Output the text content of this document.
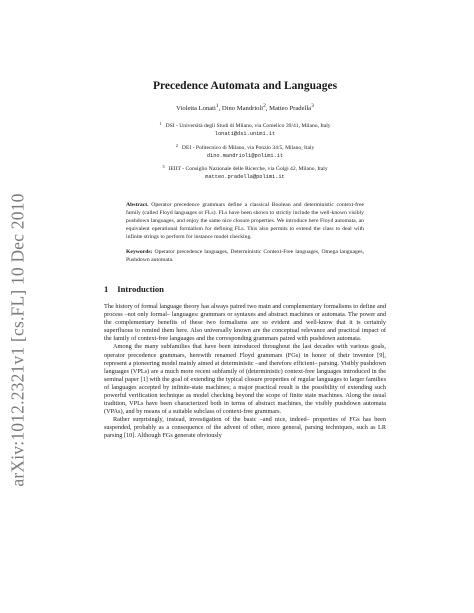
arXiv:1012.2321v1 [cs.FL] 10 Dec 2010
Precedence Automata and Languages
Violetta Lonati$^1$, Dino Mandrioli$^2$, Matteo Pradella$^3$
$^1$ DSI - Università degli Studi di Milano, via Comelico 39/41, Milano, Italy
lonati@dsi.unimi.it
$^2$ DEI - Politecnico di Milano, via Ponzio 34/5, Milano, Italy
dino.mandrioli@polimi.it
$^3$ IEIIT - Consiglio Nazionale delle Ricerche, via Golgi 42, Milano, Italy
matteo.pradella@polimi.it
Abstract. Operator precedence grammars define a classical Boolean and deterministic context-free family (called Floyd languages or FLs). FLs have been shown to strictly include the well-known visibly pushdown languages, and enjoy the same nice closure properties. We introduce here Floyd automata, an equivalent operational formalism for defining FLs. This also permits to extend the class to deal with infinite strings to perform for instance model checking.
Keywords: Operator precedence languages, Deterministic Context-Free languages, Omega languages, Pushdown automata.
1 Introduction

The history of formal language theory has always paired two main and complementary formalisms to define and process –not only formal– languages: grammars or syntaxes and abstract machines or automata. The power and the complementary benefits of these two formalisms are so evident and well-know that it is certainly superfluous to remind them here. Also universally known are the conceptual relevance and practical impact of the family of context-free languages and the corresponding grammars paired with pushdown automata.

Among the many subfamilies that have been introduced throughout the last decades with various goals, operator precedence grammars, herewith renamed Floyd grammars (FGs) in honor of their inventor [9], represent a pioneering model mainly aimed at deterministic –and therefore efficient– parsing. Visibly pushdown languages (VPLs) are a much more recent subfamily of (deterministic) context-free languages introduced in the seminal paper [1] with the goal of extending the typical closure properties of regular languages to larger families of languages accepted by infinite-state machines; a major practical result is the possibility of extending such powerful verification technique as model checking beyond the scope of finite state machines. Along the usual tradition, VPLs have been characterized both in terms of abstract machines, the visibly pushdown automata (VPAs), and by means of a suitable subclass of context-free grammars.

Rather surprisingly, instead, investigation of the basic –and nice, indeed– properties of FGs has been suspended, probably as a consequence of the advent of other, more general, parsing techniques, such as LR parsing [10]. Although FGs generate obviously
